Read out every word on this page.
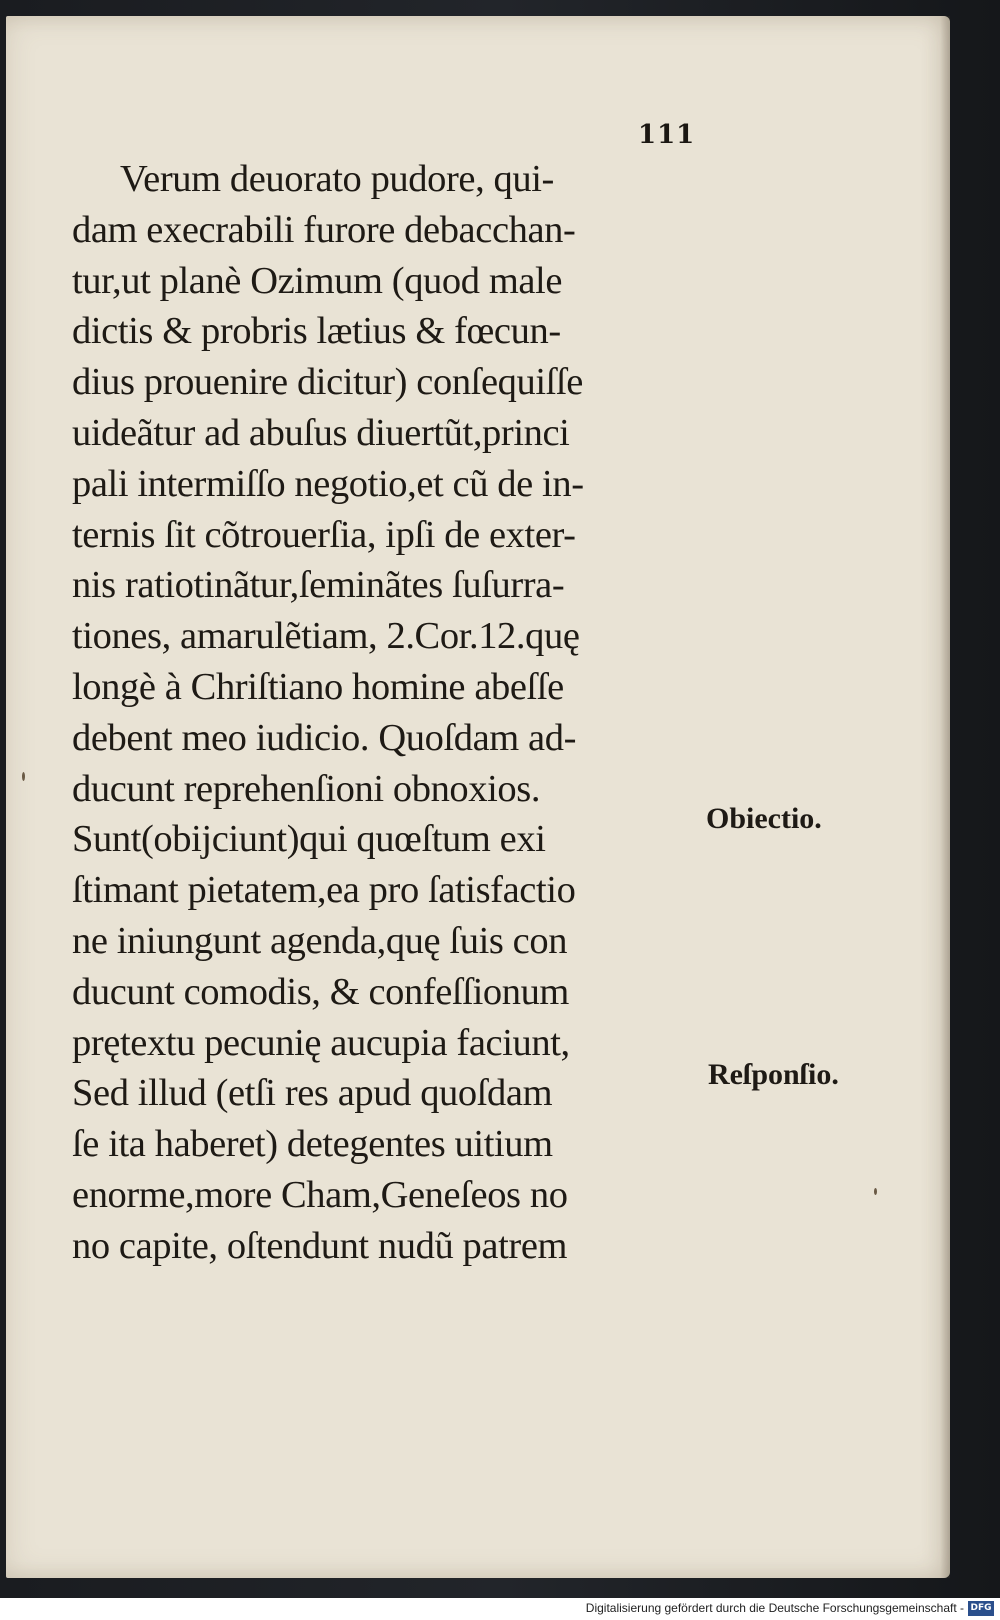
111
Verum deuorato pudore, qui-
dam execrabili furore debacchan-
tur,ut planè Ozimum (quod male
dictis & probris lætius & fœcun-
dius prouenire dicitur) conſequiſſe
uideãtur ad abuſus diuertũt,princi
pali intermiſſo negotio,et cũ de in-
ternis ſit cõtrouerſia, ipſi de exter-
nis ratiotinãtur,ſeminãtes ſuſurra-
tiones, amarulẽtiam, 2.Cor.12.quę
longè à Chriſtiano homine abeſſe
debent meo iudicio. Quoſdam ad-
ducunt reprehenſioni obnoxios.
Sunt(obijciunt)qui quœſtum exi
ſtimant pietatem,ea pro ſatisfactio
ne iniungunt agenda,quę ſuis con
ducunt comodis, & confeſſionum
prętextu pecunię aucupia faciunt,
Sed illud (etſi res apud quoſdam
ſe ita haberet) detegentes uitium
enorme,more Cham,Geneſeos no
no capite, oſtendunt nudũ patrem
Obiectio.
Reſponſio.
Digitalisierung gefördert durch die Deutsche Forschungsgemeinschaft - DFG
